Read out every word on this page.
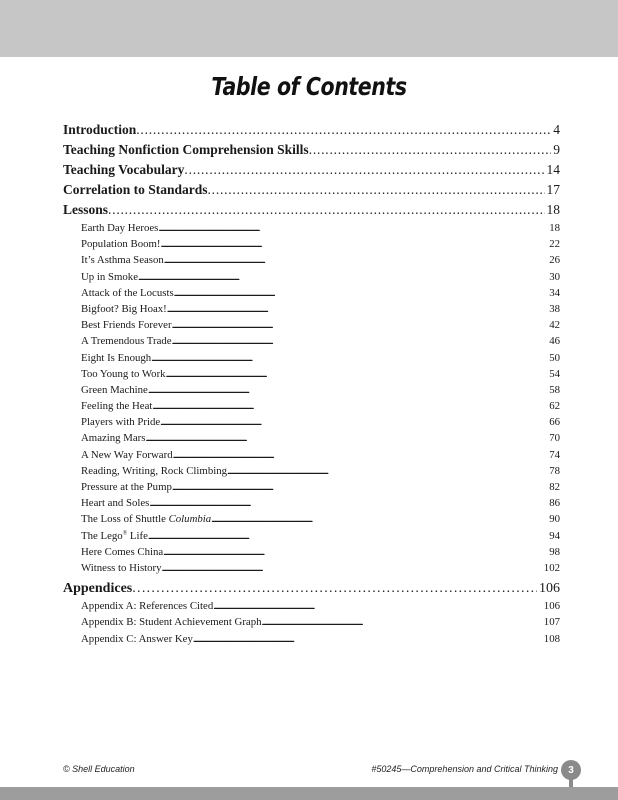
Table of Contents
Introduction . . .	4
Teaching Nonfiction Comprehension Skills . . .	9
Teaching Vocabulary . . .	14
Correlation to Standards . . .	17
Lessons . . .	18
Earth Day Heroes . . .	18
Population Boom! . . .	22
It’s Asthma Season . . .	26
Up in Smoke . . .	30
Attack of the Locusts . . .	34
Bigfoot? Big Hoax! . . .	38
Best Friends Forever . . .	42
A Tremendous Trade . . .	46
Eight Is Enough . . .	50
Too Young to Work . . .	54
Green Machine . . .	58
Feeling the Heat . . .	62
Players with Pride . . .	66
Amazing Mars . . .	70
A New Way Forward . . .	74
Reading, Writing, Rock Climbing . . .	78
Pressure at the Pump . . .	82
Heart and Soles . . .	86
The Loss of Shuttle Columbia . . .	90
The Lego® Life . . .	94
Here Comes China . . .	98
Witness to History . . .	102
Appendices . . .	106
Appendix A: References Cited . . .	106
Appendix B: Student Achievement Graph . . .	107
Appendix C: Answer Key . . .	108
© Shell Education	#50245—Comprehension and Critical Thinking	3
